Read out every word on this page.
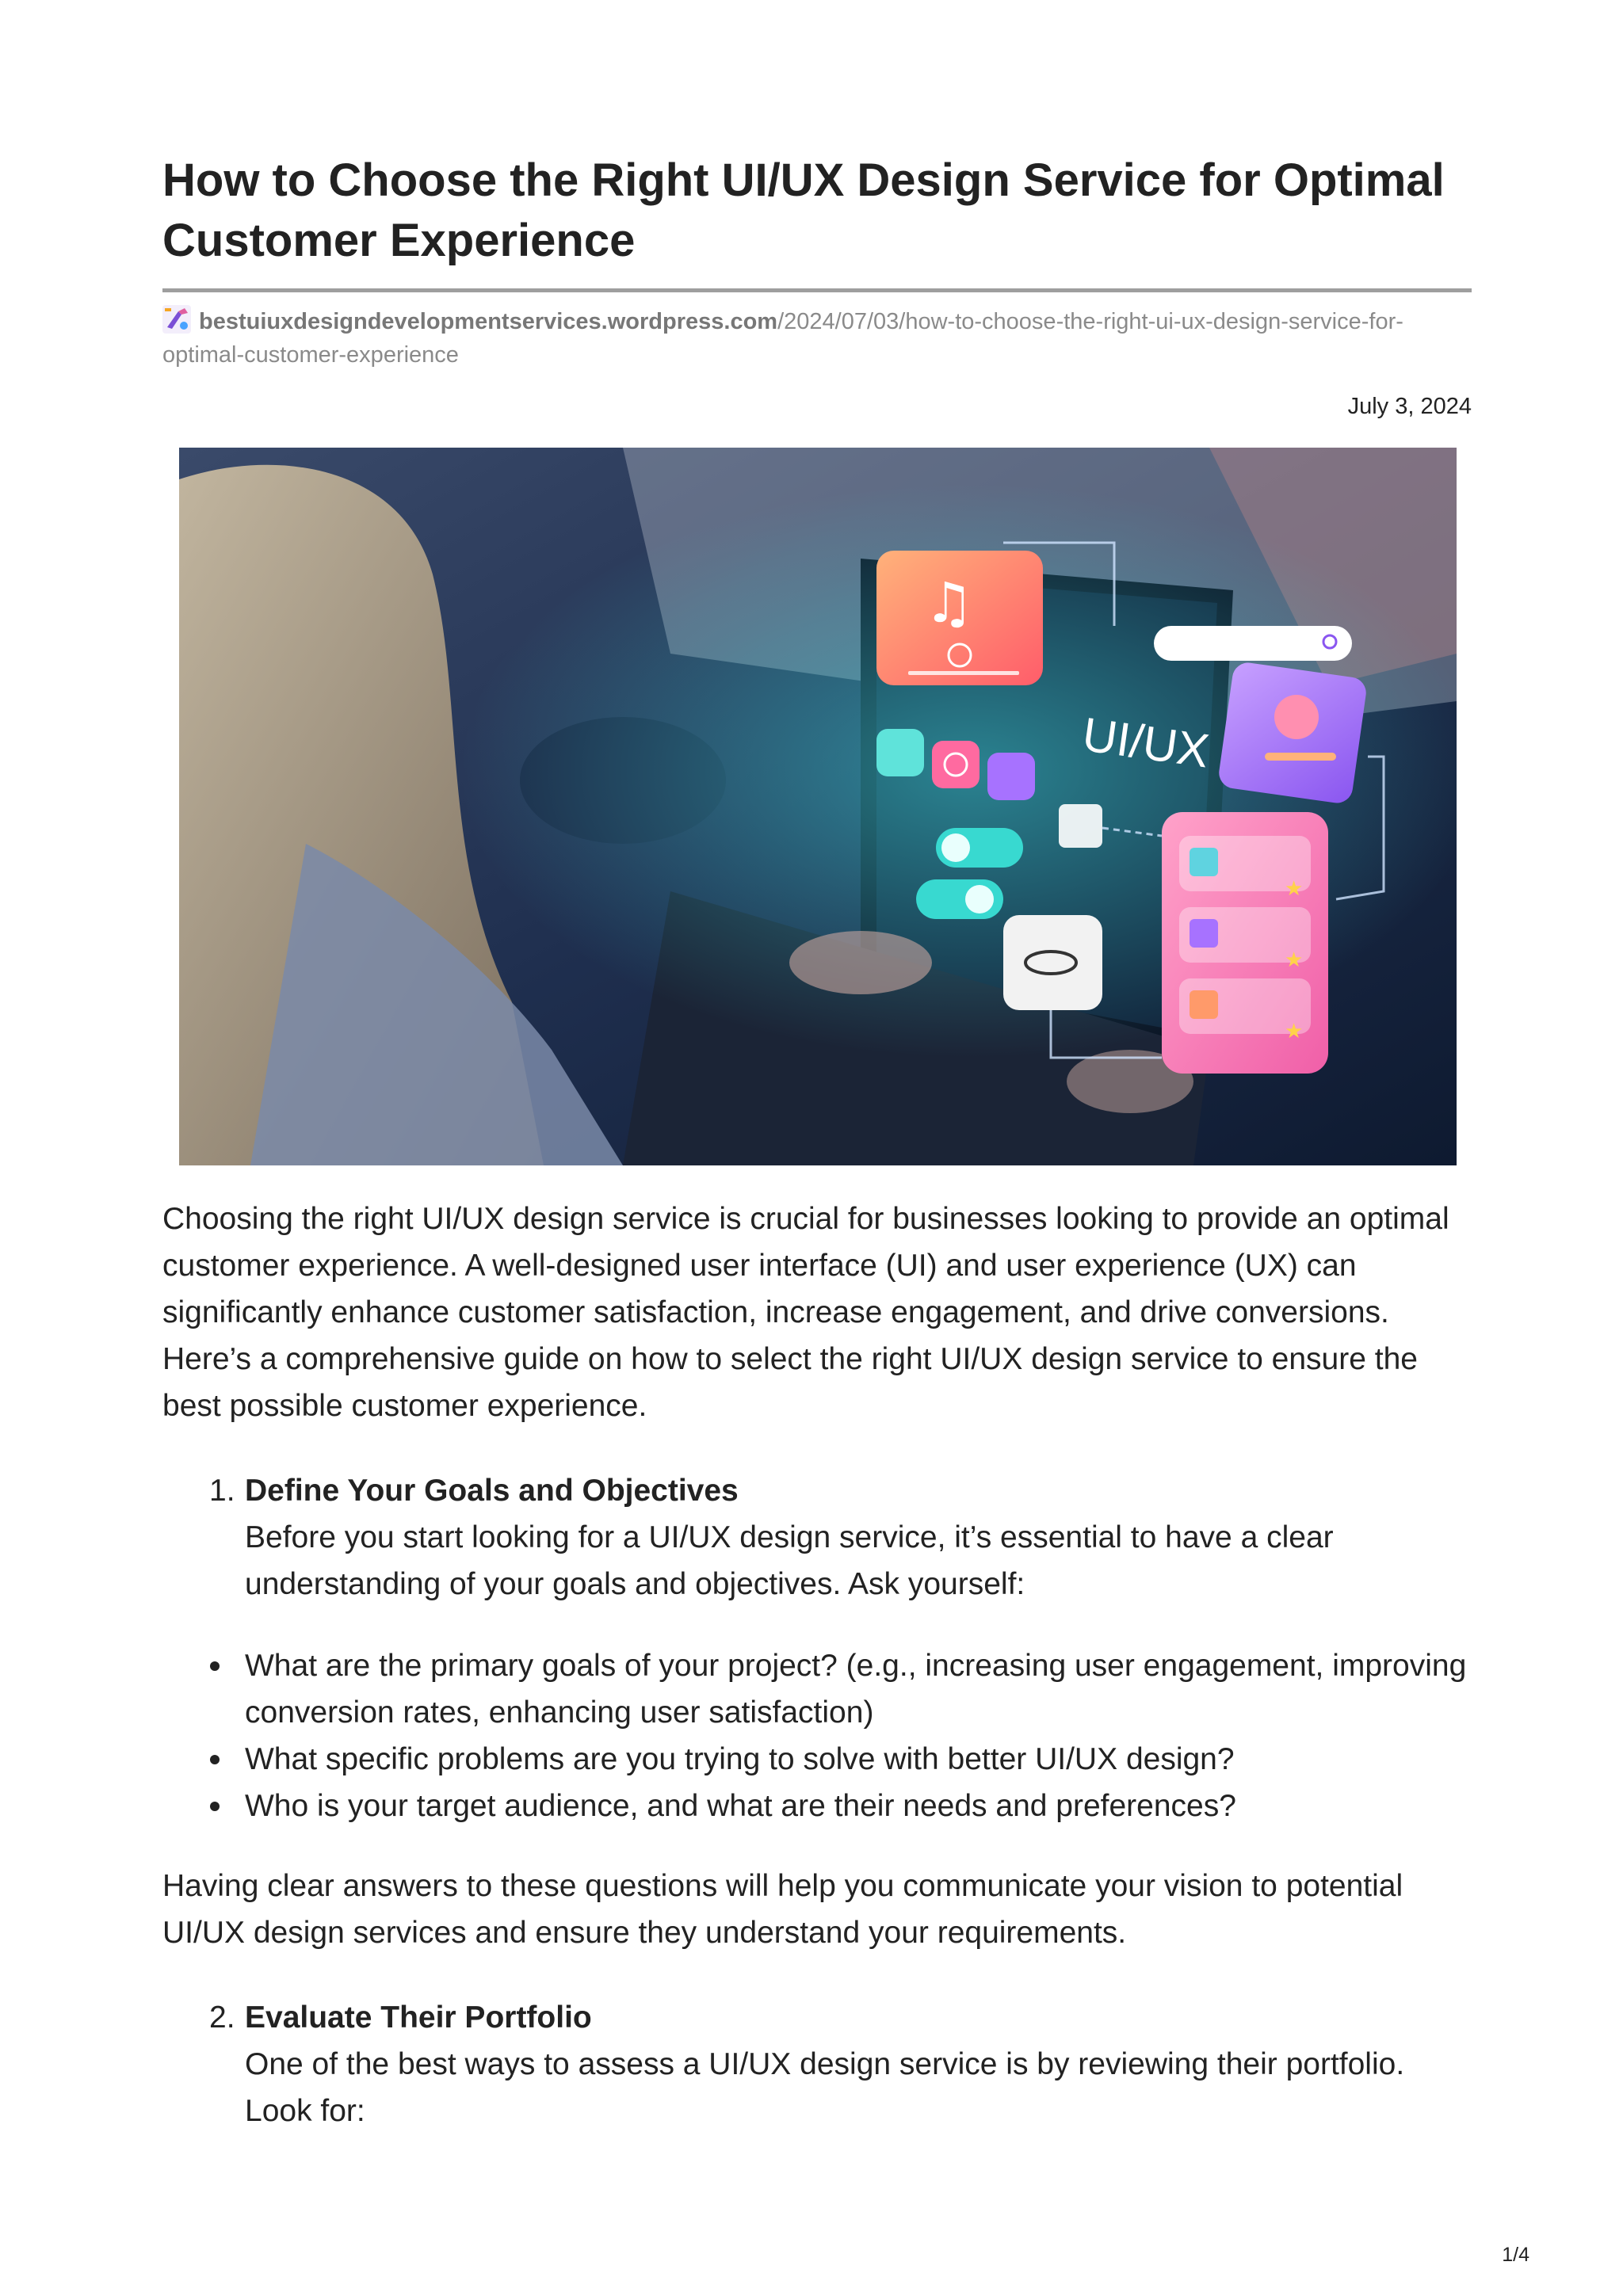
How to Choose the Right UI/UX Design Service for Optimal Customer Experience
bestuiuxdesigndevelopmentservices.wordpress.com/2024/07/03/how-to-choose-the-right-ui-ux-design-service-for-optimal-customer-experience
July 3, 2024
♫
UI/UX
★
★
★

Choosing the right UI/UX design service is crucial for businesses looking to provide an optimal customer experience. A well-designed user interface (UI) and user experience (UX) can significantly enhance customer satisfaction, increase engagement, and drive conversions. Here’s a comprehensive guide on how to select the right UI/UX design service to ensure the best possible customer experience.

1. Define Your Goals and Objectives
Before you start looking for a UI/UX design service, it’s essential to have a clear understanding of your goals and objectives. Ask yourself:
What are the primary goals of your project? (e.g., increasing user engagement, improving conversion rates, enhancing user satisfaction)
What specific problems are you trying to solve with better UI/UX design?
Who is your target audience, and what are their needs and preferences?

Having clear answers to these questions will help you communicate your vision to potential UI/UX design services and ensure they understand your requirements.

2. Evaluate Their Portfolio
One of the best ways to assess a UI/UX design service is by reviewing their portfolio. Look for:
1/4
